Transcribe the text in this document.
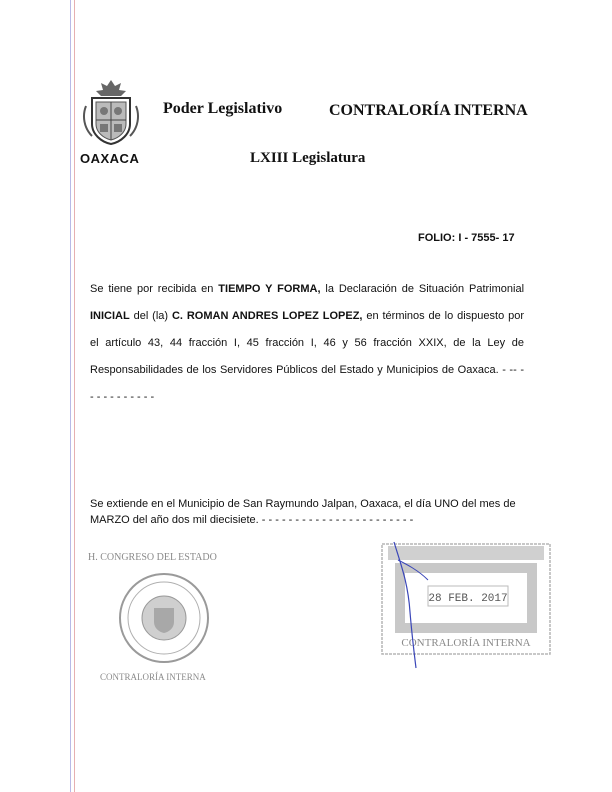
OAXACA
Poder Legislativo	CONTRALORÍA INTERNA
LXIII Legislatura
FOLIO: I - 7555- 17
Se tiene por recibida en TIEMPO Y FORMA, la Declaración de Situación Patrimonial INICIAL del (la) C. ROMAN ANDRES LOPEZ LOPEZ, en términos de lo dispuesto por el artículo 43, 44 fracción I, 45 fracción I, 46 y 56 fracción XXIX, de la Ley de Responsabilidades de los Servidores Públicos del Estado y Municipios de Oaxaca. - -- - - - - - - - - - - -
Se extiende en el Municipio de San Raymundo Jalpan, Oaxaca, el día UNO del mes de MARZO del año dos mil diecisiete. - - - - - - - - - - - - - - - - - - - - - - -
H. CONGRESO DEL ESTADO
CONTRALORÍA INTERNA
28 FEB. 2017
CONTRALORÍA INTERNA
